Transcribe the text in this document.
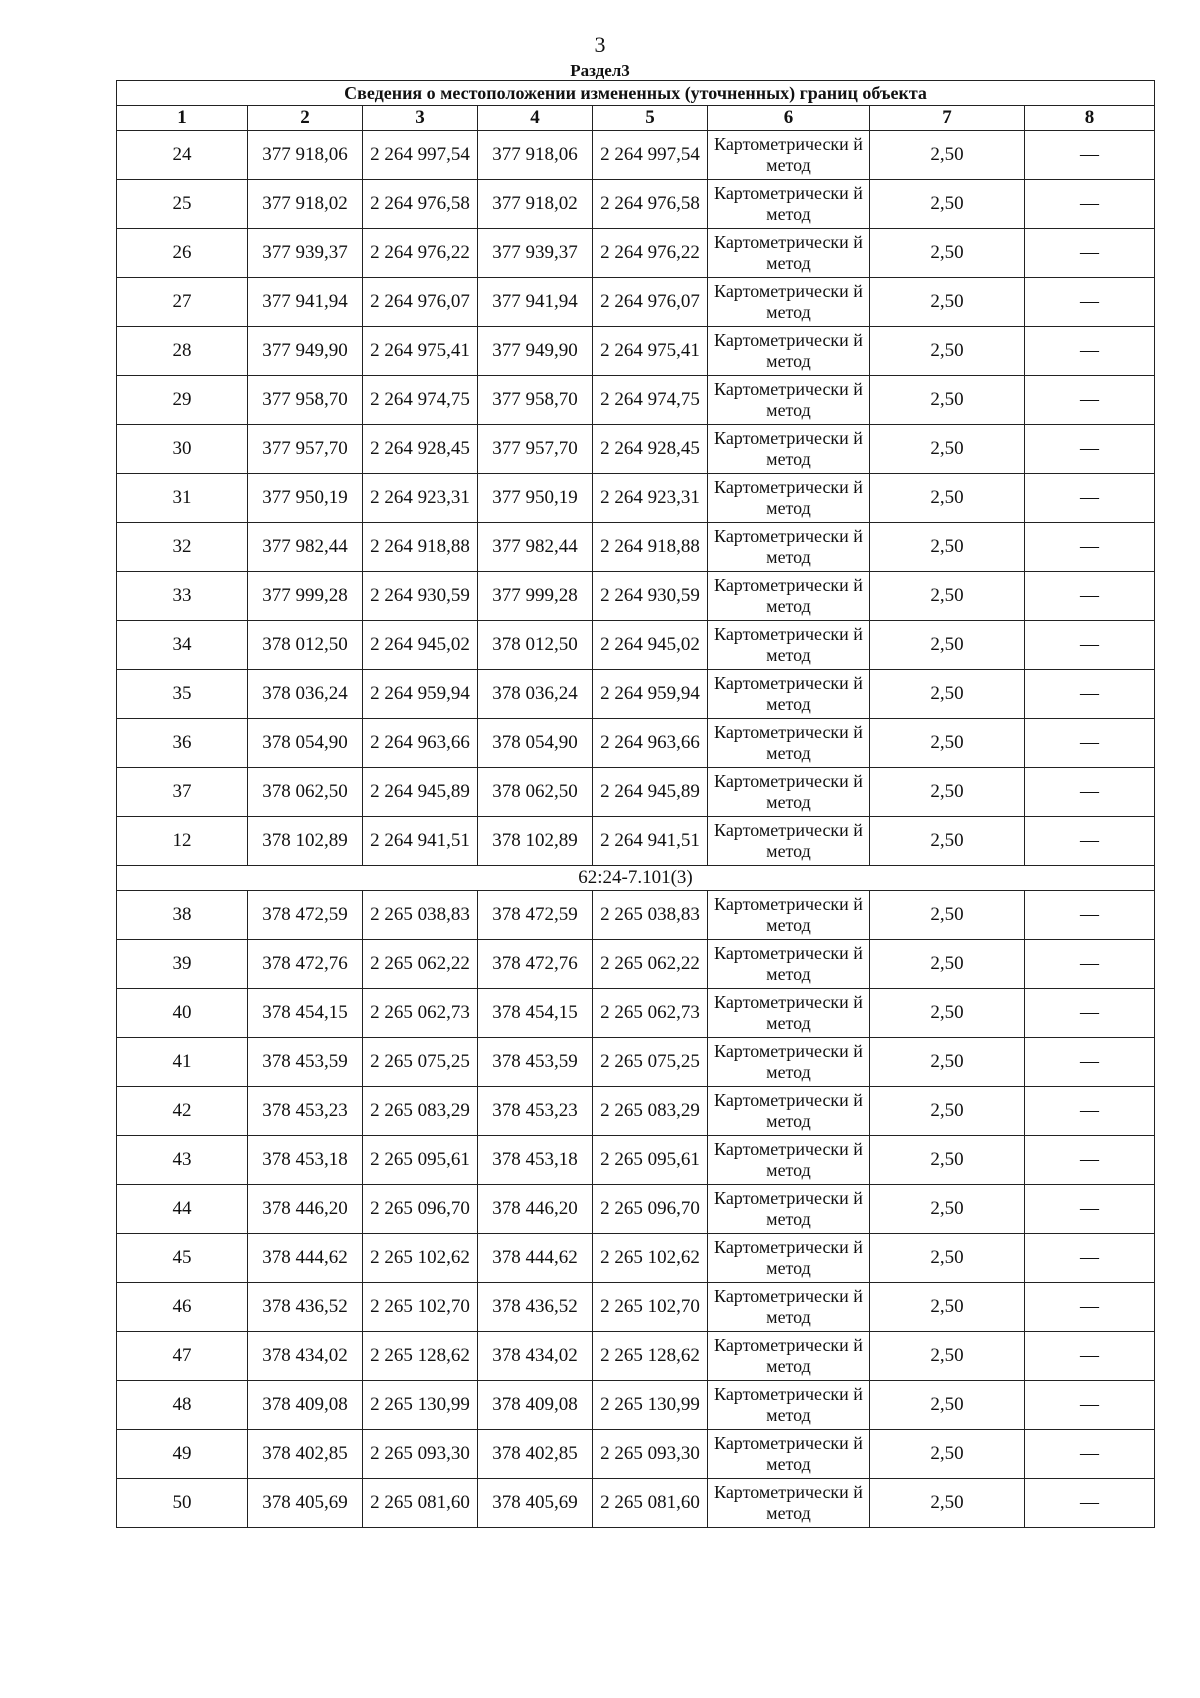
3
Раздел3
Сведения о местоположении измененных (уточненных) границ объекта							
1	2	3	4	5	6	7	8
24	377 918,06	2 264 997,54	377 918,06	2 264 997,54	Картометрически й метод	2,50	—
25	377 918,02	2 264 976,58	377 918,02	2 264 976,58	Картометрически й метод	2,50	—
26	377 939,37	2 264 976,22	377 939,37	2 264 976,22	Картометрически й метод	2,50	—
27	377 941,94	2 264 976,07	377 941,94	2 264 976,07	Картометрически й метод	2,50	—
28	377 949,90	2 264 975,41	377 949,90	2 264 975,41	Картометрически й метод	2,50	—
29	377 958,70	2 264 974,75	377 958,70	2 264 974,75	Картометрически й метод	2,50	—
30	377 957,70	2 264 928,45	377 957,70	2 264 928,45	Картометрически й метод	2,50	—
31	377 950,19	2 264 923,31	377 950,19	2 264 923,31	Картометрически й метод	2,50	—
32	377 982,44	2 264 918,88	377 982,44	2 264 918,88	Картометрически й метод	2,50	—
33	377 999,28	2 264 930,59	377 999,28	2 264 930,59	Картометрически й метод	2,50	—
34	378 012,50	2 264 945,02	378 012,50	2 264 945,02	Картометрически й метод	2,50	—
35	378 036,24	2 264 959,94	378 036,24	2 264 959,94	Картометрически й метод	2,50	—
36	378 054,90	2 264 963,66	378 054,90	2 264 963,66	Картометрически й метод	2,50	—
37	378 062,50	2 264 945,89	378 062,50	2 264 945,89	Картометрически й метод	2,50	—
12	378 102,89	2 264 941,51	378 102,89	2 264 941,51	Картометрически й метод	2,50	—
62:24-7.101(3)							
38	378 472,59	2 265 038,83	378 472,59	2 265 038,83	Картометрически й метод	2,50	—
39	378 472,76	2 265 062,22	378 472,76	2 265 062,22	Картометрически й метод	2,50	—
40	378 454,15	2 265 062,73	378 454,15	2 265 062,73	Картометрически й метод	2,50	—
41	378 453,59	2 265 075,25	378 453,59	2 265 075,25	Картометрически й метод	2,50	—
42	378 453,23	2 265 083,29	378 453,23	2 265 083,29	Картометрически й метод	2,50	—
43	378 453,18	2 265 095,61	378 453,18	2 265 095,61	Картометрически й метод	2,50	—
44	378 446,20	2 265 096,70	378 446,20	2 265 096,70	Картометрически й метод	2,50	—
45	378 444,62	2 265 102,62	378 444,62	2 265 102,62	Картометрически й метод	2,50	—
46	378 436,52	2 265 102,70	378 436,52	2 265 102,70	Картометрически й метод	2,50	—
47	378 434,02	2 265 128,62	378 434,02	2 265 128,62	Картометрически й метод	2,50	—
48	378 409,08	2 265 130,99	378 409,08	2 265 130,99	Картометрически й метод	2,50	—
49	378 402,85	2 265 093,30	378 402,85	2 265 093,30	Картометрически й метод	2,50	—
50	378 405,69	2 265 081,60	378 405,69	2 265 081,60	Картометрически й метод	2,50	—
